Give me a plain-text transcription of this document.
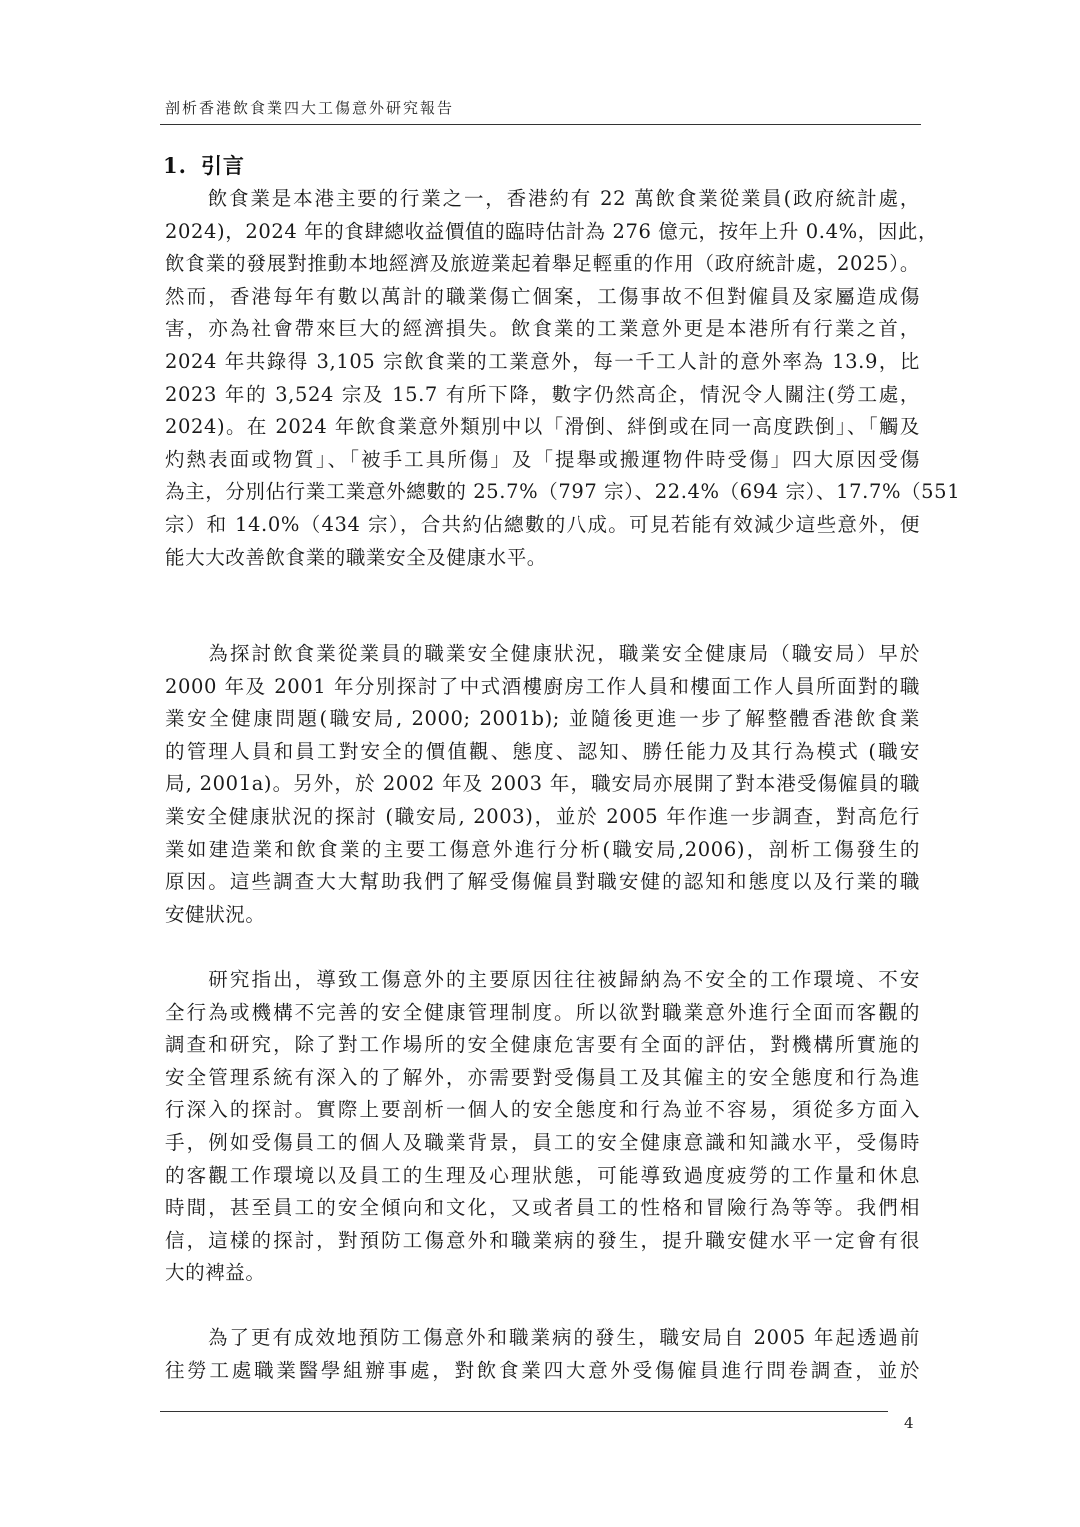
剖析香港飲食業四大工傷意外研究報告
1. 引言
　　飲食業是本港主要的行業之一，香港約有 22 萬飲食業從業員(政府統計處，
2024)，2024 年的食肆總收益價值的臨時估計為 276 億元，按年上升 0.4%，因此，
飲食業的發展對推動本地經濟及旅遊業起着舉足輕重的作用（政府統計處，2025）。
然而，香港每年有數以萬計的職業傷亡個案，工傷事故不但對僱員及家屬造成傷
害，亦為社會帶來巨大的經濟損失。飲食業的工業意外更是本港所有行業之首，
2024 年共錄得 3,105 宗飲食業的工業意外，每一千工人計的意外率為 13.9，比
2023 年的 3,524 宗及 15.7 有所下降，數字仍然高企，情況令人關注(勞工處，
2024)。在 2024 年飲食業意外類別中以「滑倒、絆倒或在同一高度跌倒」、「觸及
灼熱表面或物質」、「被手工具所傷」及「提舉或搬運物件時受傷」四大原因受傷
為主，分別佔行業工業意外總數的 25.7%（797 宗）、22.4%（694 宗）、17.7%（551
宗）和 14.0%（434 宗），合共約佔總數的八成。可見若能有效減少這些意外，便
能大大改善飲食業的職業安全及健康水平。
　　為探討飲食業從業員的職業安全健康狀況，職業安全健康局（職安局）早於
2000 年及 2001 年分別探討了中式酒樓廚房工作人員和樓面工作人員所面對的職
業安全健康問題(職安局, 2000; 2001b); 並隨後更進一步了解整體香港飲食業
的管理人員和員工對安全的價值觀、態度、認知、勝任能力及其行為模式 (職安
局, 2001a)。另外，於 2002 年及 2003 年，職安局亦展開了對本港受傷僱員的職
業安全健康狀況的探討 (職安局, 2003)，並於 2005 年作進一步調查，對高危行
業如建造業和飲食業的主要工傷意外進行分析(職安局,2006)，剖析工傷發生的
原因。這些調查大大幫助我們了解受傷僱員對職安健的認知和態度以及行業的職
安健狀況。
　　研究指出，導致工傷意外的主要原因往往被歸納為不安全的工作環境、不安
全行為或機構不完善的安全健康管理制度。所以欲對職業意外進行全面而客觀的
調查和研究，除了對工作場所的安全健康危害要有全面的評估，對機構所實施的
安全管理系統有深入的了解外，亦需要對受傷員工及其僱主的安全態度和行為進
行深入的探討。實際上要剖析一個人的安全態度和行為並不容易，須從多方面入
手，例如受傷員工的個人及職業背景，員工的安全健康意識和知識水平，受傷時
的客觀工作環境以及員工的生理及心理狀態，可能導致過度疲勞的工作量和休息
時間，甚至員工的安全傾向和文化，又或者員工的性格和冒險行為等等。我們相
信，這樣的探討，對預防工傷意外和職業病的發生，提升職安健水平一定會有很
大的裨益。
　　為了更有成效地預防工傷意外和職業病的發生，職安局自 2005 年起透過前
往勞工處職業醫學組辦事處，對飲食業四大意外受傷僱員進行問卷調查，並於
4
